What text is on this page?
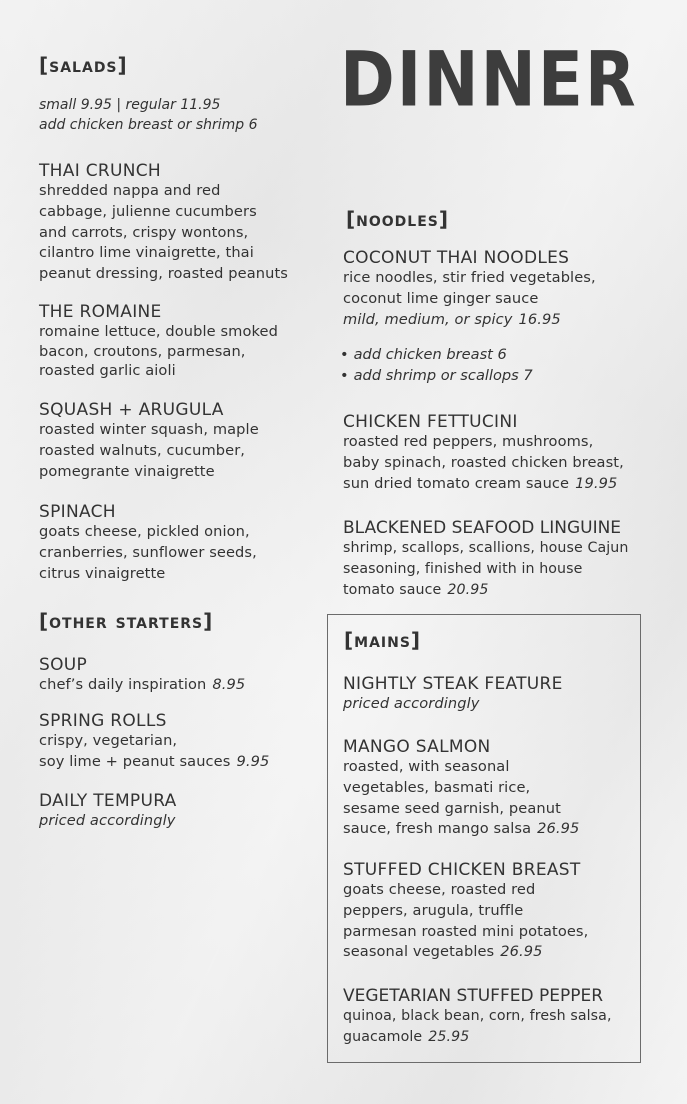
DINNER
[salads]
small 9.95 | regular 11.95
add chicken breast or shrimp 6
THAI CRUNCH
shredded nappa and red
cabbage, julienne cucumbers
and carrots, crispy wontons,
cilantro lime vinaigrette, thai
peanut dressing, roasted peanuts
THE ROMAINE
romaine lettuce, double smoked
bacon, croutons, parmesan,
roasted garlic aioli
SQUASH + ARUGULA
roasted winter squash, maple
roasted walnuts, cucumber,
pomegrante vinaigrette
SPINACH
goats cheese, pickled onion,
cranberries, sunflower seeds,
citrus vinaigrette
[other starters]
SOUP
chef’s daily inspiration 8.95
SPRING ROLLS
crispy, vegetarian,
soy lime + peanut sauces 9.95
DAILY TEMPURA
priced accordingly
[noodles]
COCONUT THAI NOODLES
rice noodles, stir fried vegetables,
coconut lime ginger sauce
mild, medium, or spicy 16.95
• add chicken breast 6
• add shrimp or scallops 7
CHICKEN FETTUCINI
roasted red peppers, mushrooms,
baby spinach, roasted chicken breast,
sun dried tomato cream sauce 19.95
BLACKENED SEAFOOD LINGUINE
shrimp, scallops, scallions, house Cajun
seasoning, finished with in house
tomato sauce 20.95
[mains]
NIGHTLY STEAK FEATURE
priced accordingly
MANGO SALMON
roasted, with seasonal
vegetables, basmati rice,
sesame seed garnish, peanut
sauce, fresh mango salsa 26.95
STUFFED CHICKEN BREAST
goats cheese, roasted red
peppers, arugula, truffle
parmesan roasted mini potatoes,
seasonal vegetables 26.95
VEGETARIAN STUFFED PEPPER
quinoa, black bean, corn, fresh salsa,
guacamole 25.95
